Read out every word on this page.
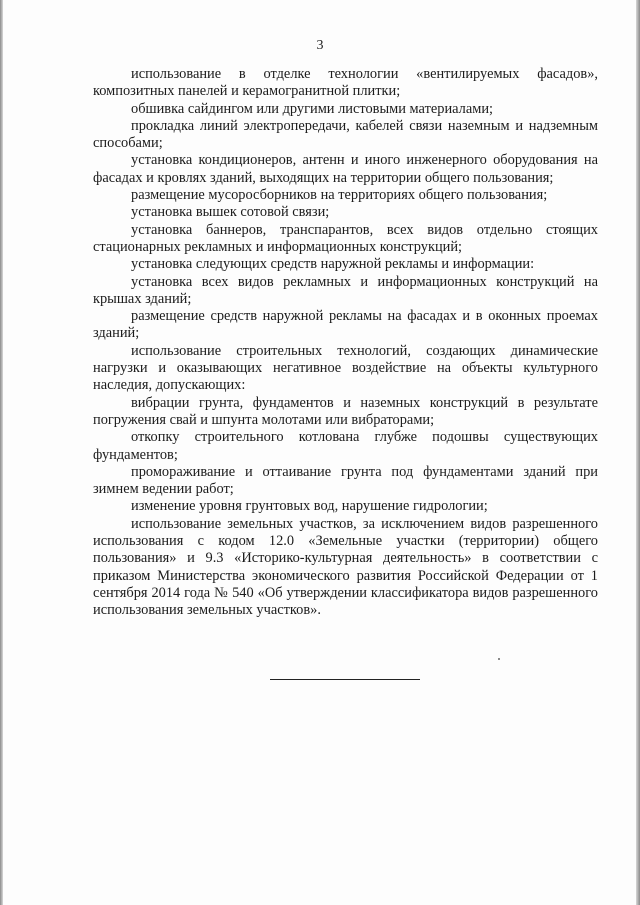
3

использование в отделке технологии «вентилируемых фасадов», композитных панелей и керамогранитной плитки;

обшивка сайдингом или другими листовыми материалами;

прокладка линий электропередачи, кабелей связи наземным и надземным способами;

установка кондиционеров, антенн и иного инженерного оборудования на фасадах и кровлях зданий, выходящих на территории общего пользования;

размещение мусоросборников на территориях общего пользования;

установка вышек сотовой связи;

установка баннеров, транспарантов, всех видов отдельно стоящих стационарных рекламных и информационных конструкций;

установка следующих средств наружной рекламы и информации:

установка всех видов рекламных и информационных конструкций на крышах зданий;

размещение средств наружной рекламы на фасадах и в оконных проемах зданий;

использование строительных технологий, создающих динамические нагрузки и оказывающих негативное воздействие на объекты культурного наследия, допускающих:

вибрации грунта, фундаментов и наземных конструкций в результате погружения свай и шпунта молотами или вибраторами;

откопку строительного котлована глубже подошвы существующих фундаментов;

промораживание и оттаивание грунта под фундаментами зданий при зимнем ведении работ;

изменение уровня грунтовых вод, нарушение гидрологии;

использование земельных участков, за исключением видов разрешенного использования с кодом 12.0 «Земельные участки (территории) общего пользования» и 9.3 «Историко-культурная деятельность» в соответствии с приказом Министерства экономического развития Российской Федерации от 1 сентября 2014 года № 540 «Об утверждении классификатора видов разрешенного использования земельных участков».
